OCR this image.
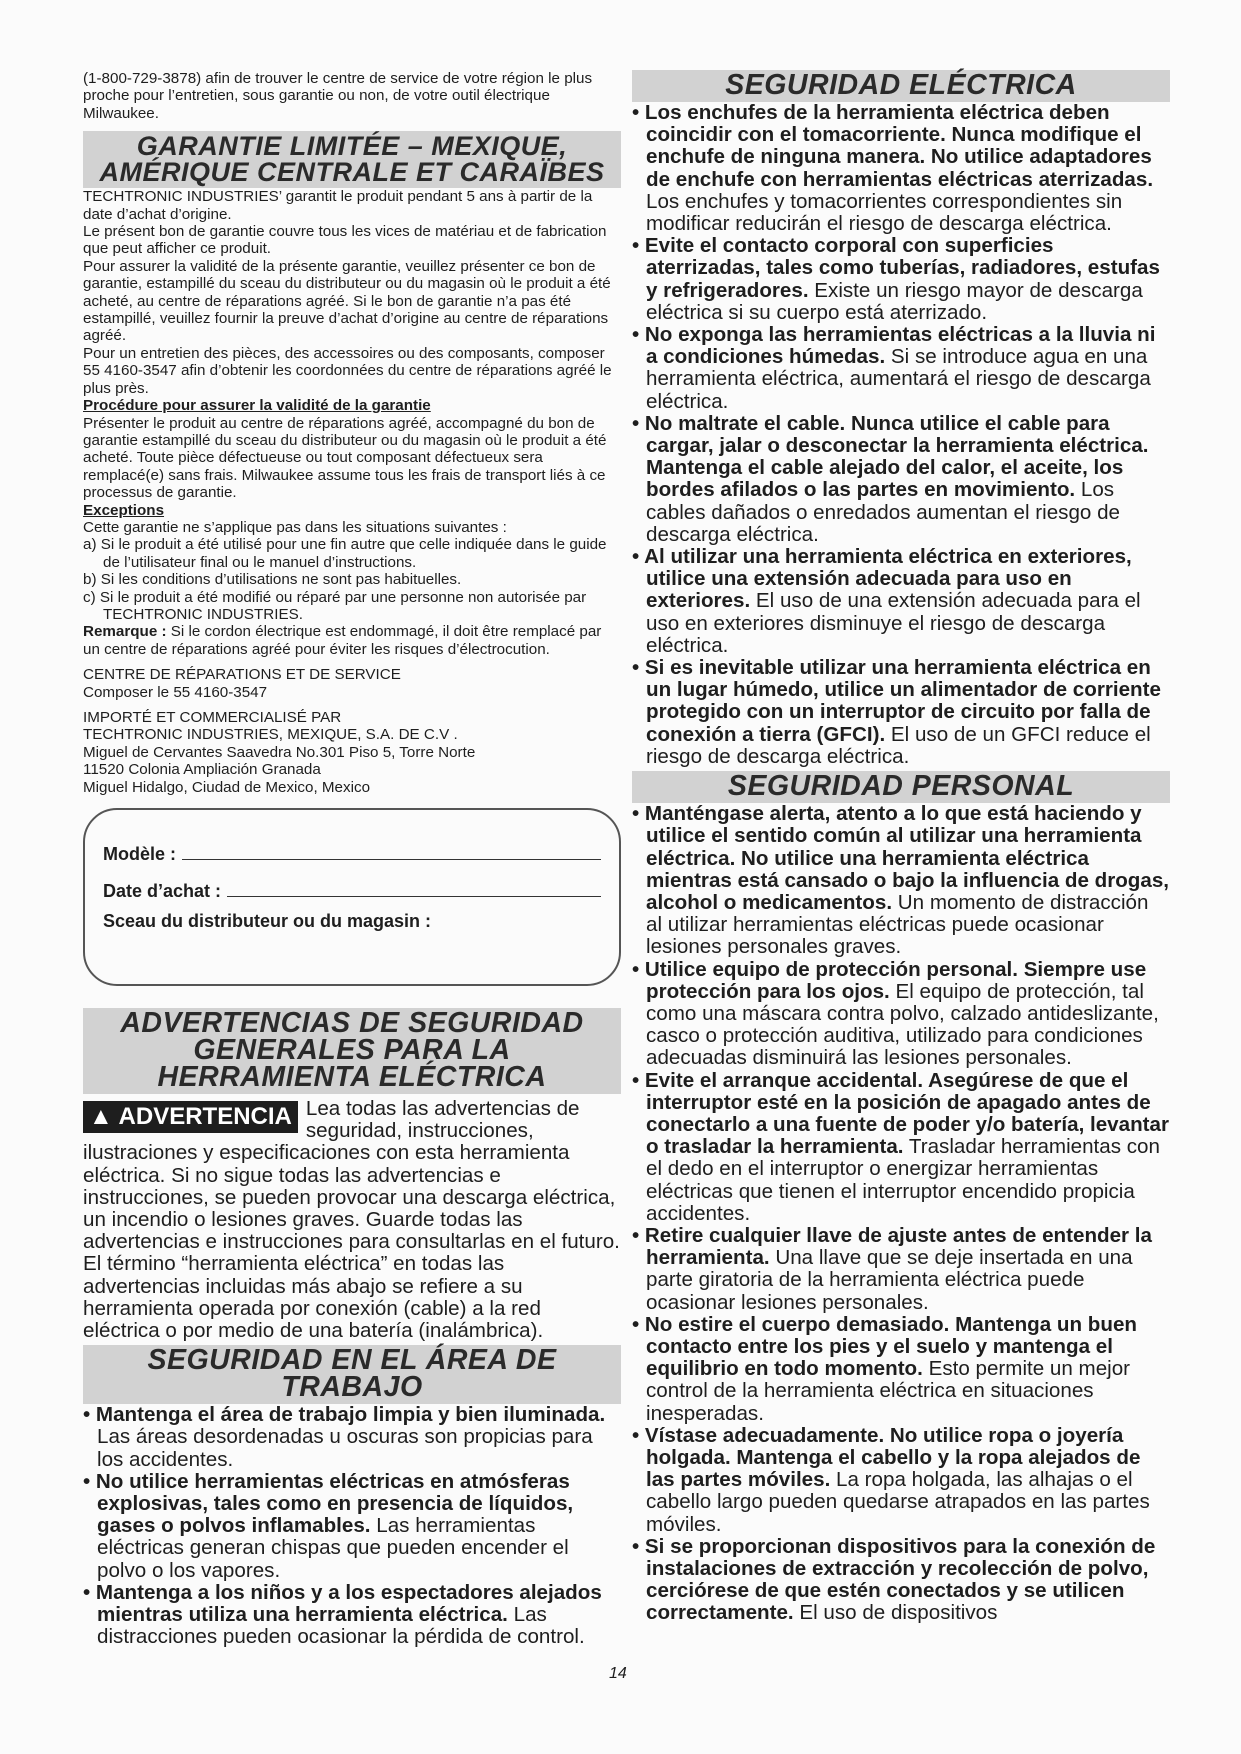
(1-800-729-3878) afin de trouver le centre de service de votre région le plus proche pour l’entretien, sous garantie ou non, de votre outil électrique Milwaukee.

GARANTIE LIMITÉE – MEXIQUE, AMÉRIQUE CENTRALE ET CARAÏBES

TECHTRONIC INDUSTRIES’ garantit le produit pendant 5 ans à partir de la date d’achat d’origine.

Le présent bon de garantie couvre tous les vices de matériau et de fabrication que peut afficher ce produit.

Pour assurer la validité de la présente garantie, veuillez présenter ce bon de garantie, estampillé du sceau du distributeur ou du magasin où le produit a été acheté, au centre de réparations agréé. Si le bon de garantie n’a pas été estampillé, veuillez fournir la preuve d’achat d’origine au centre de réparations agréé.

Pour un entretien des pièces, des accessoires ou des composants, composer 55 4160-3547 afin d’obtenir les coordonnées du centre de réparations agréé le plus près.

Procédure pour assurer la validité de la garantie

Présenter le produit au centre de réparations agréé, accompagné du bon de garantie estampillé du sceau du distributeur ou du magasin où le produit a été acheté. Toute pièce défectueuse ou tout composant défectueux sera remplacé(e) sans frais. Milwaukee assume tous les frais de transport liés à ce processus de garantie.

Exceptions

Cette garantie ne s’applique pas dans les situations suivantes :

a) Si le produit a été utilisé pour une fin autre que celle indiquée dans le guide de l’utilisateur final ou le manuel d’instructions.

b) Si les conditions d’utilisations ne sont pas habituelles.

c) Si le produit a été modifié ou réparé par une personne non autorisée par TECHTRONIC INDUSTRIES.

Remarque : Si le cordon électrique est endommagé, il doit être remplacé par un centre de réparations agréé pour éviter les risques d’électrocution.

CENTRE DE RÉPARATIONS ET DE SERVICE

Composer le 55 4160-3547

IMPORTÉ ET COMMERCIALISÉ PAR

TECHTRONIC INDUSTRIES, MEXIQUE, S.A. DE C.V .

Miguel de Cervantes Saavedra No.301 Piso 5, Torre Norte

11520 Colonia Ampliación Granada

Miguel Hidalgo, Ciudad de Mexico, Mexico

Modèle :
Date d’achat :
Sceau du distributeur ou du magasin :
ADVERTENCIAS DE SEGURIDAD GENERALES PARA LA HERRAMIENTA ELÉCTRICA

▲ ADVERTENCIA Lea todas las advertencias de seguridad, instrucciones, ilustraciones y especificaciones con esta herramienta eléctrica. Si no sigue todas las advertencias e instrucciones, se pueden provocar una descarga eléctrica, un incendio o lesiones graves. Guarde todas las advertencias e instrucciones para consultarlas en el futuro. El término “herramienta eléctrica” en todas las advertencias incluidas más abajo se refiere a su herramienta operada por conexión (cable) a la red eléctrica o por medio de una batería (inalámbrica).

SEGURIDAD EN EL ÁREA DE TRABAJO

• Mantenga el área de trabajo limpia y bien iluminada. Las áreas desordenadas u oscuras son propicias para los accidentes.

• No utilice herramientas eléctricas en atmósferas explosivas, tales como en presencia de líquidos, gases o polvos inflamables. Las herramientas eléctricas generan chispas que pueden encender el polvo o los vapores.

• Mantenga a los niños y a los espectadores alejados mientras utiliza una herramienta eléctrica. Las distracciones pueden ocasionar la pérdida de control.

SEGURIDAD ELÉCTRICA

• Los enchufes de la herramienta eléctrica deben coincidir con el tomacorriente. Nunca modifique el enchufe de ninguna manera. No utilice adaptadores de enchufe con herramientas eléctricas aterrizadas. Los enchufes y tomacorrientes correspondientes sin modificar reducirán el riesgo de descarga eléctrica.

• Evite el contacto corporal con superficies aterrizadas, tales como tuberías, radiadores, estufas y refrigeradores. Existe un riesgo mayor de descarga eléctrica si su cuerpo está aterrizado.

• No exponga las herramientas eléctricas a la lluvia ni a condiciones húmedas. Si se introduce agua en una herramienta eléctrica, aumentará el riesgo de descarga eléctrica.

• No maltrate el cable. Nunca utilice el cable para cargar, jalar o desconectar la herramienta eléctrica. Mantenga el cable alejado del calor, el aceite, los bordes afilados o las partes en movimiento. Los cables dañados o enredados aumentan el riesgo de descarga eléctrica.

• Al utilizar una herramienta eléctrica en exteriores, utilice una extensión adecuada para uso en exteriores. El uso de una extensión adecuada para el uso en exteriores disminuye el riesgo de descarga eléctrica.

• Si es inevitable utilizar una herramienta eléctrica en un lugar húmedo, utilice un alimentador de corriente protegido con un interruptor de circuito por falla de conexión a tierra (GFCI). El uso de un GFCI reduce el riesgo de descarga eléctrica.

SEGURIDAD PERSONAL

• Manténgase alerta, atento a lo que está haciendo y utilice el sentido común al utilizar una herramienta eléctrica. No utilice una herramienta eléctrica mientras está cansado o bajo la influencia de drogas, alcohol o medicamentos. Un momento de distracción al utilizar herramientas eléctricas puede ocasionar lesiones personales graves.

• Utilice equipo de protección personal. Siempre use protección para los ojos. El equipo de protección, tal como una máscara contra polvo, calzado antideslizante, casco o protección auditiva, utilizado para condiciones adecuadas disminuirá las lesiones personales.

• Evite el arranque accidental. Asegúrese de que el interruptor esté en la posición de apagado antes de conectarlo a una fuente de poder y/o batería, levantar o trasladar la herramienta. Trasladar herramientas con el dedo en el interruptor o energizar herramientas eléctricas que tienen el interruptor encendido propicia accidentes.

• Retire cualquier llave de ajuste antes de entender la herramienta. Una llave que se deje insertada en una parte giratoria de la herramienta eléctrica puede ocasionar lesiones personales.

• No estire el cuerpo demasiado. Mantenga un buen contacto entre los pies y el suelo y mantenga el equilibrio en todo momento. Esto permite un mejor control de la herramienta eléctrica en situaciones inesperadas.

• Vístase adecuadamente. No utilice ropa o joyería holgada. Mantenga el cabello y la ropa alejados de las partes móviles. La ropa holgada, las alhajas o el cabello largo pueden quedarse atrapados en las partes móviles.

• Si se proporcionan dispositivos para la conexión de instalaciones de extracción y recolección de polvo, cerciórese de que estén conectados y se utilicen correctamente. El uso de dispositivos

14
